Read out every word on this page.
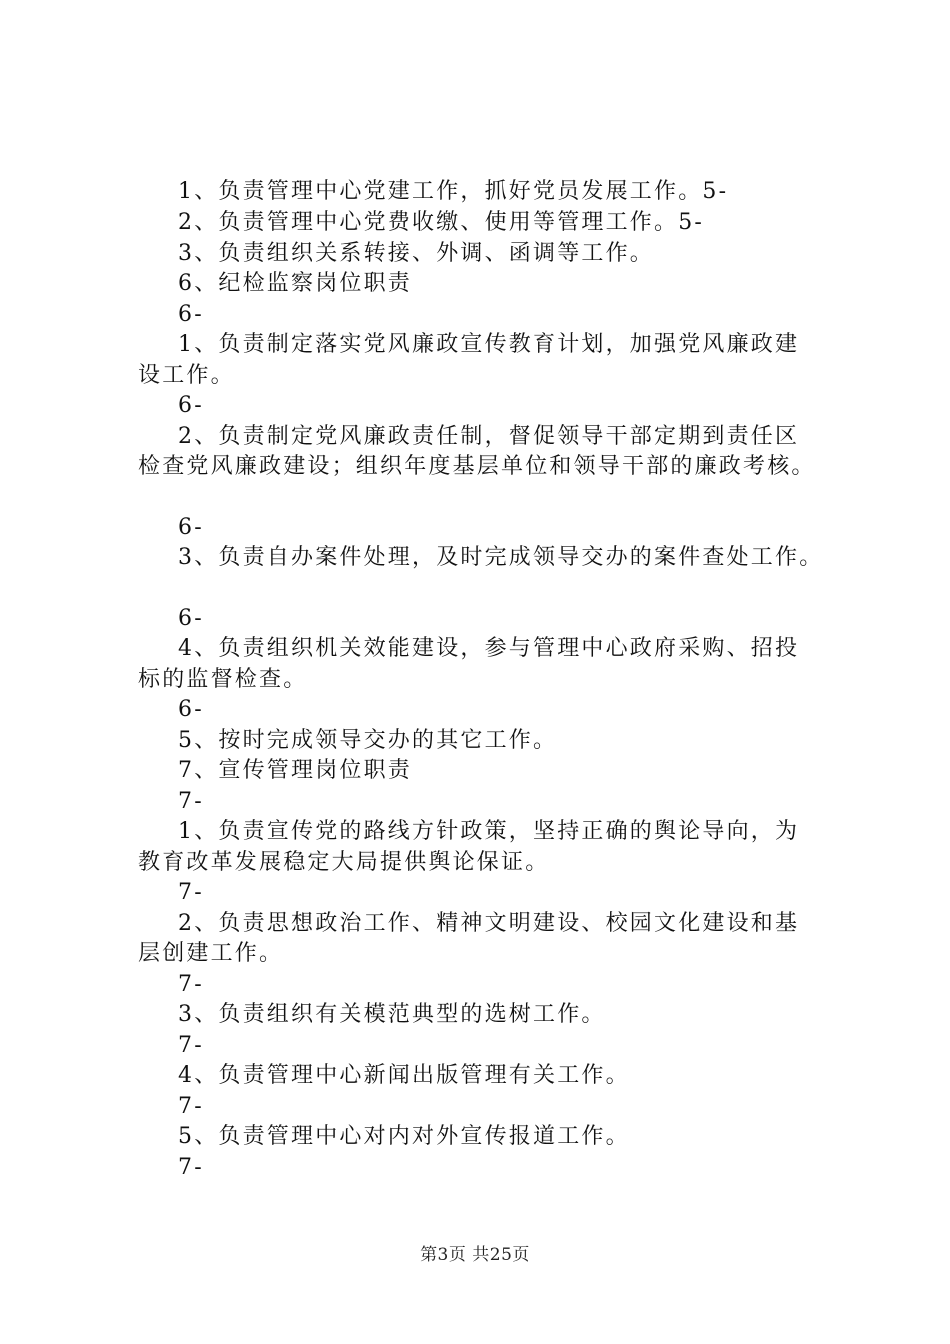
1、负责管理中心党建工作，抓好党员发展工作。5-
2、负责管理中心党费收缴、使用等管理工作。5-
3、负责组织关系转接、外调、函调等工作。
6、纪检监察岗位职责
6-
1、负责制定落实党风廉政宣传教育计划，加强党风廉政建
设工作。
6-
2、负责制定党风廉政责任制，督促领导干部定期到责任区
检查党风廉政建设；组织年度基层单位和领导干部的廉政考核。
6-
3、负责自办案件处理，及时完成领导交办的案件查处工作。
6-
4、负责组织机关效能建设，参与管理中心政府采购、招投
标的监督检查。
6-
5、按时完成领导交办的其它工作。
7、宣传管理岗位职责
7-
1、负责宣传党的路线方针政策，坚持正确的舆论导向，为
教育改革发展稳定大局提供舆论保证。
7-
2、负责思想政治工作、精神文明建设、校园文化建设和基
层创建工作。
7-
3、负责组织有关模范典型的选树工作。
7-
4、负责管理中心新闻出版管理有关工作。
7-
5、负责管理中心对内对外宣传报道工作。
7-
第3页 共25页
